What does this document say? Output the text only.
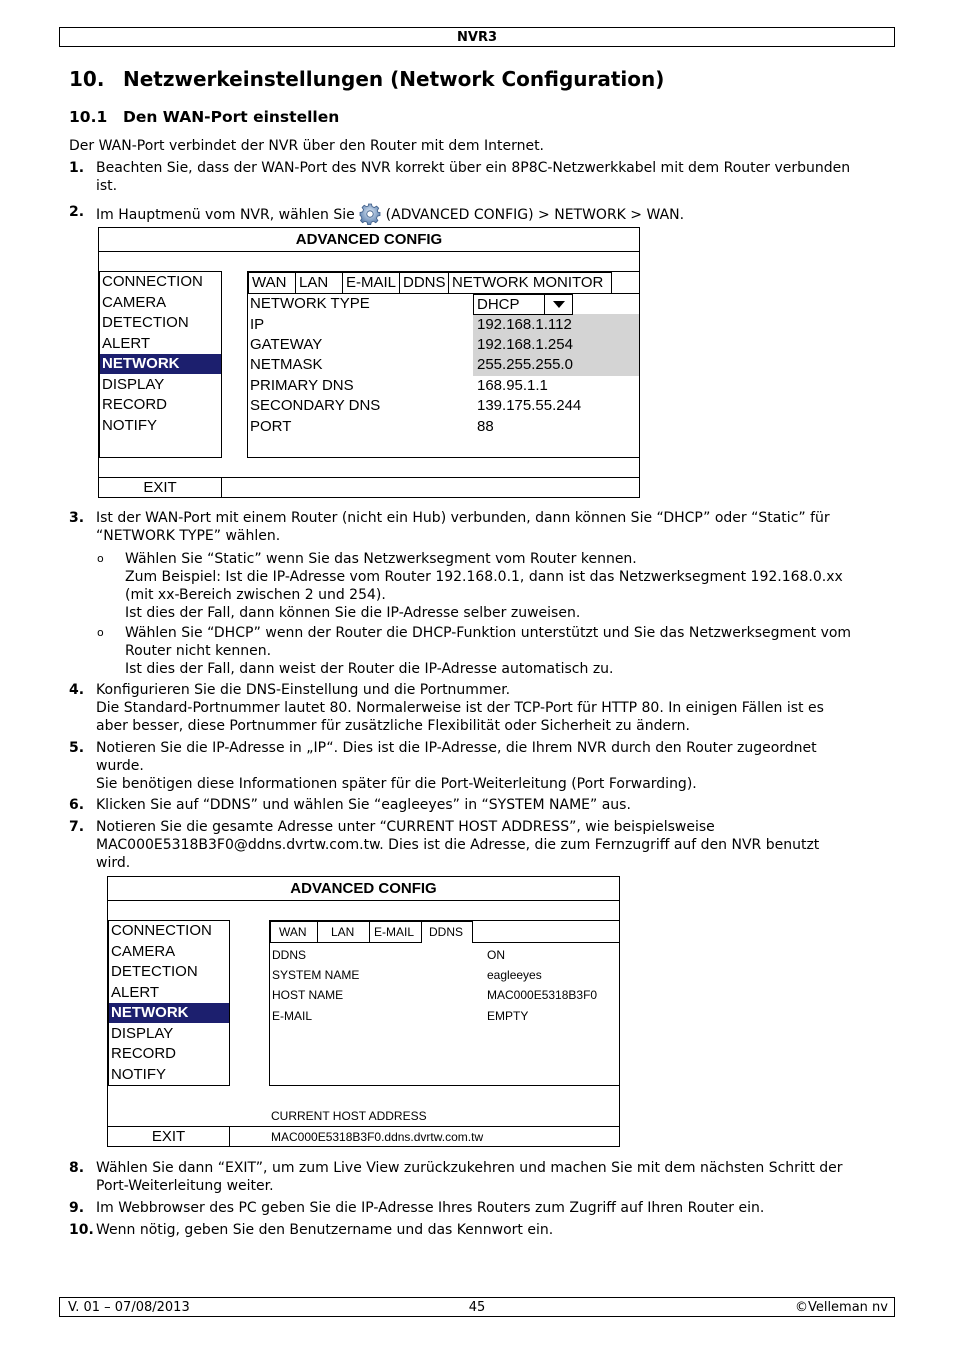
NVR3
10. Netzwerkeinstellungen (Network Configuration)
10.1 Den WAN-Port einstellen
Der WAN-Port verbindet der NVR über den Router mit dem Internet.
1. Beachten Sie, dass der WAN-Port des NVR korrekt über ein 8P8C-Netzwerkkabel mit dem Router verbunden
ist.
2. Im Hauptmenü vom NVR, wählen Sie (ADVANCED CONFIG) > NETWORK > WAN.
ADVANCED CONFIG
CONNECTION
CAMERA
DETECTION
ALERT
NETWORK
DISPLAY
RECORD
NOTIFY
WAN LAN	E-MAIL DDNS NETWORK MONITOR
NETWORK TYPE	DHCP
IP	192.168.1.112
GATEWAY	192.168.1.254
NETMASK	255.255.255.0
PRIMARY DNS	168.95.1.1
SECONDARY DNS	139.175.55.244
PORT	88
EXIT
3. Ist der WAN-Port mit einem Router (nicht ein Hub) verbunden, dann können Sie “DHCP” oder “Static” für
“NETWORK TYPE” wählen.
o Wählen Sie “Static” wenn Sie das Netzwerksegment vom Router kennen.
Zum Beispiel: Ist die IP-Adresse vom Router 192.168.0.1, dann ist das Netzwerksegment 192.168.0.xx
(mit xx-Bereich zwischen 2 und 254).
Ist dies der Fall, dann können Sie die IP-Adresse selber zuweisen.
o Wählen Sie “DHCP” wenn der Router die DHCP-Funktion unterstützt und Sie das Netzwerksegment vom
Router nicht kennen.
Ist dies der Fall, dann weist der Router die IP-Adresse automatisch zu.
4. Konfigurieren Sie die DNS-Einstellung und die Portnummer.
Die Standard-Portnummer lautet 80. Normalerweise ist der TCP-Port für HTTP 80. In einigen Fällen ist es
aber besser, diese Portnummer für zusätzliche Flexibilität oder Sicherheit zu ändern.
5. Notieren Sie die IP-Adresse in „IP“. Dies ist die IP-Adresse, die Ihrem NVR durch den Router zugeordnet
wurde.
Sie benötigen diese Informationen später für die Port-Weiterleitung (Port Forwarding).
6. Klicken Sie auf “DDNS” und wählen Sie “eagleeyes” in “SYSTEM NAME” aus.
7. Notieren Sie die gesamte Adresse unter “CURRENT HOST ADDRESS”, wie beispielsweise
MAC000E5318B3F0@ddns.dvrtw.com.tw. Dies ist die Adresse, die zum Fernzugriff auf den NVR benutzt
wird.
ADVANCED CONFIG
CONNECTION
CAMERA
DETECTION
ALERT
NETWORK
DISPLAY
RECORD
NOTIFY
WAN	LAN	E-MAIL	DDNS
DDNS	ON
SYSTEM NAME	eagleeyes
HOST NAME	MAC000E5318B3F0
E-MAIL	EMPTY
CURRENT HOST ADDRESS
EXIT	MAC000E5318B3F0.ddns.dvrtw.com.tw
8. Wählen Sie dann “EXIT”, um zum Live View zurückzukehren und machen Sie mit dem nächsten Schritt der
Port-Weiterleitung weiter.
9. Im Webbrowser des PC geben Sie die IP-Adresse Ihres Routers zum Zugriff auf Ihren Router ein.
10. Wenn nötig, geben Sie den Benutzername und das Kennwort ein.
V. 01 – 07/08/2013	45	©Velleman nv
